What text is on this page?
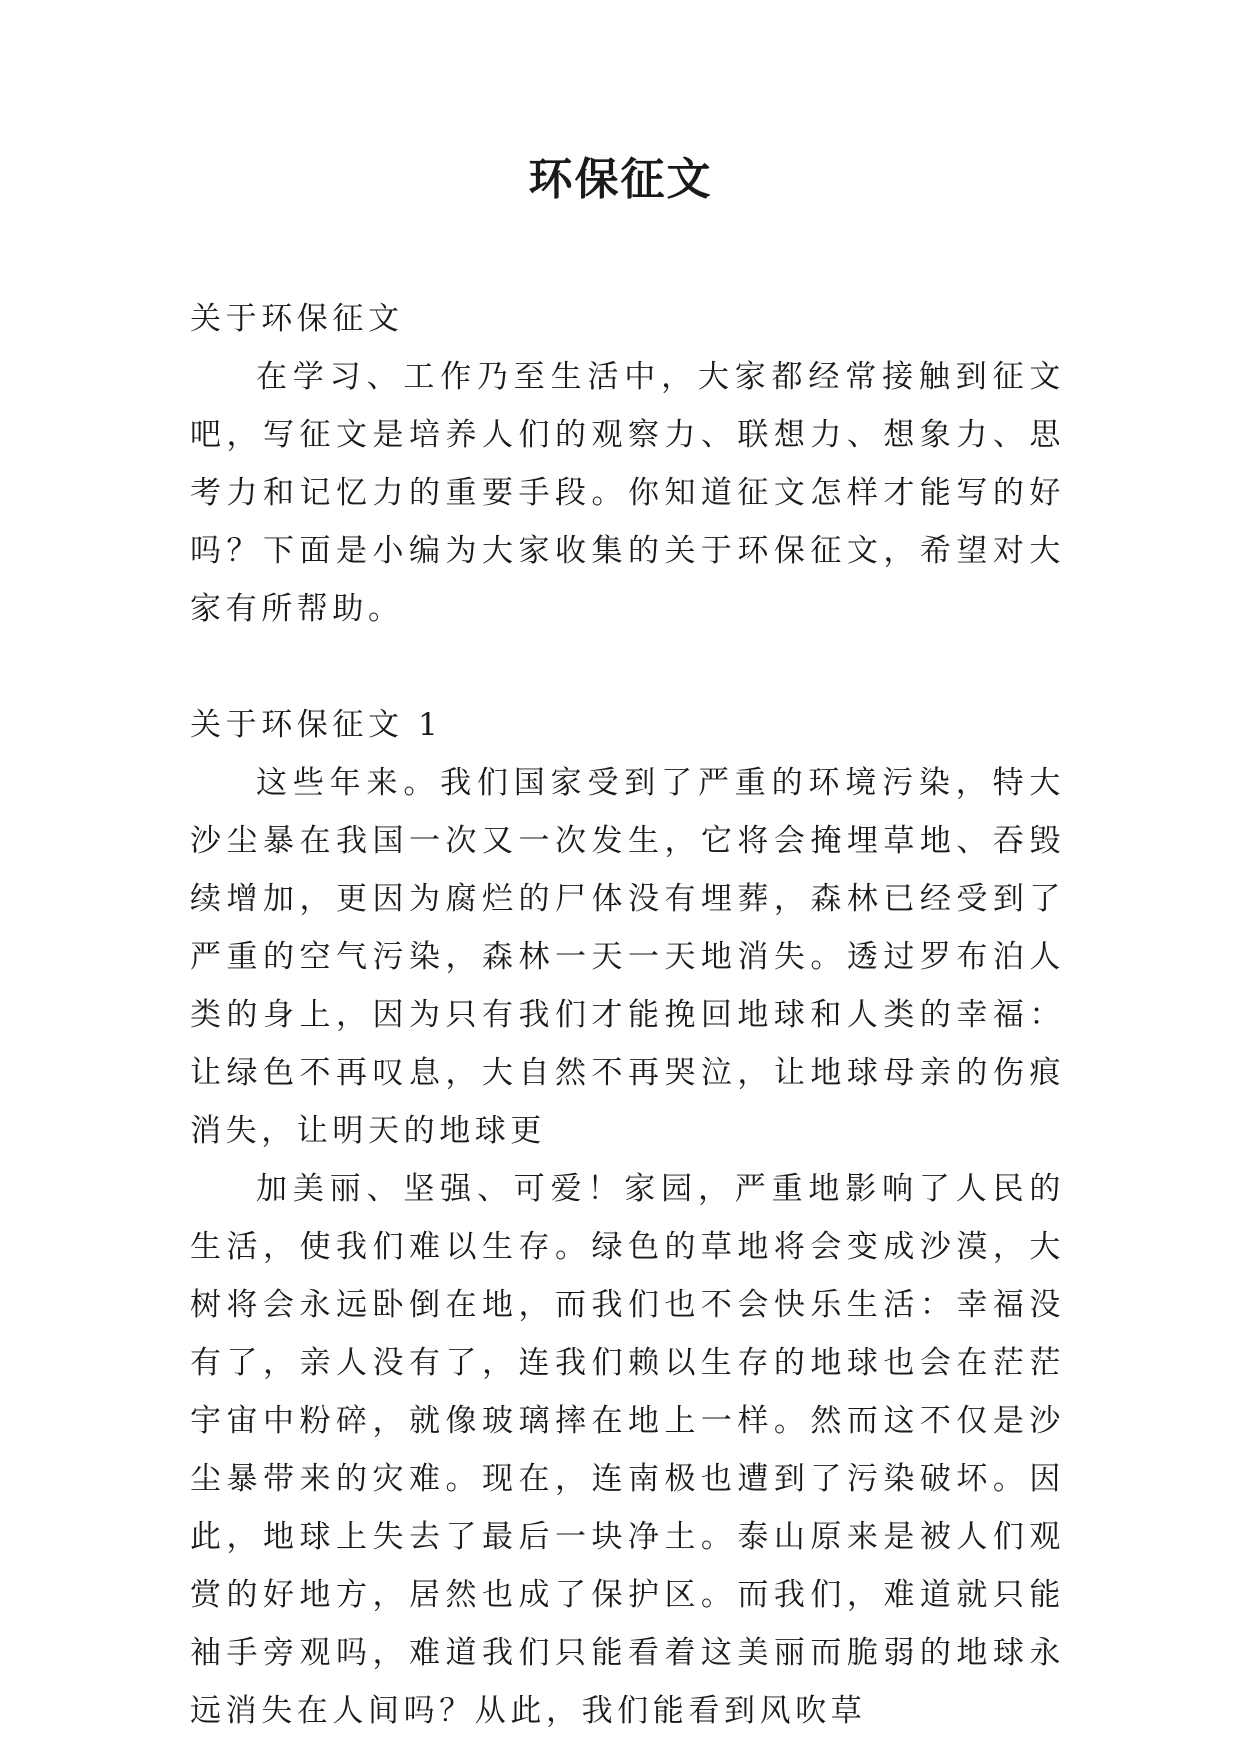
环保征文

关于环保征文

在学习、工作乃至生活中，大家都经常接触到征文吧，写征文是培养人们的观察力、联想力、想象力、思考力和记忆力的重要手段。你知道征文怎样才能写的好吗？下面是小编为大家收集的关于环保征文，希望对大家有所帮助。

关于环保征文 1

这些年来。我们国家受到了严重的环境污染，特大沙尘暴在我国一次又一次发生，它将会掩埋草地、吞毁续增加，更因为腐烂的尸体没有埋葬，森林已经受到了严重的空气污染，森林一天一天地消失。透过罗布泊人类的身上，因为只有我们才能挽回地球和人类的幸福：让绿色不再叹息，大自然不再哭泣，让地球母亲的伤痕消失，让明天的地球更

加美丽、坚强、可爱！家园，严重地影响了人民的生活，使我们难以生存。绿色的草地将会变成沙漠，大树将会永远卧倒在地，而我们也不会快乐生活：幸福没有了，亲人没有了，连我们赖以生存的地球也会在茫茫宇宙中粉碎，就像玻璃摔在地上一样。然而这不仅是沙尘暴带来的灾难。现在，连南极也遭到了污染破坏。因此，地球上失去了最后一块净土。泰山原来是被人们观赏的好地方，居然也成了保护区。而我们，难道就只能袖手旁观吗，难道我们只能看着这美丽而脆弱的地球永远消失在人间吗？从此，我们能看到风吹草
